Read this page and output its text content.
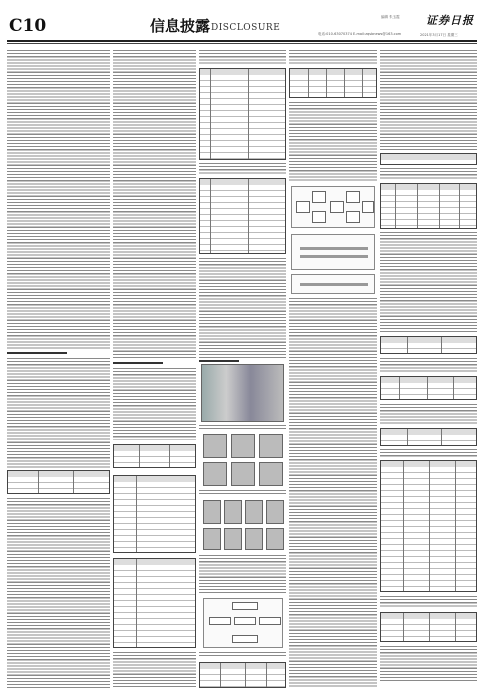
C10	信息披露 DISCLOSURE
编辑 朱玉霞
电话:010-63070374 E-mail:zqsbnews@163.com
证券日报
2021年3月17日 星期三
